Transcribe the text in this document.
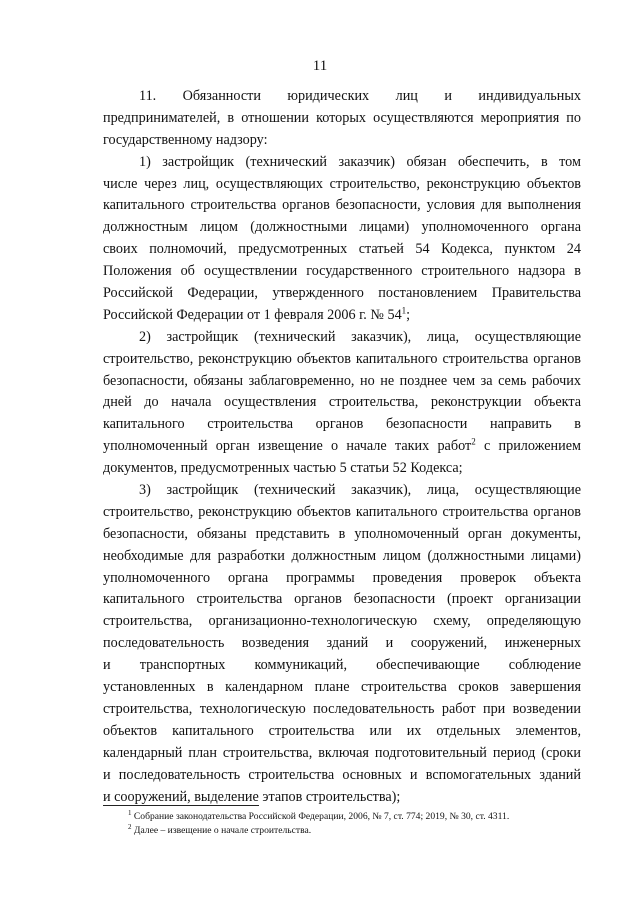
11
11. Обязанности юридических лиц и индивидуальных
предпринимателей, в отношении которых осуществляются мероприятия по
государственному надзору:
1) застройщик (технический заказчик) обязан обеспечить, в том
числе через лиц, осуществляющих строительство, реконструкцию объектов
капитального строительства органов безопасности, условия для выполнения
должностным лицом (должностными лицами) уполномоченного органа
своих полномочий, предусмотренных статьей 54 Кодекса, пунктом 24
Положения об осуществлении государственного строительного надзора в
Российской Федерации, утвержденного постановлением Правительства
Российской Федерации от 1 февраля 2006 г. № $54^1$;
2) застройщик (технический заказчик), лица, осуществляющие
строительство, реконструкцию объектов капитального строительства органов
безопасности, обязаны заблаговременно, но не позднее чем за семь рабочих
дней до начала осуществления строительства, реконструкции объекта
капитального строительства органов безопасности направить в
уполномоченный орган извещение о начале таких работ$^2$ с приложением
документов, предусмотренных частью 5 статьи 52 Кодекса;
3) застройщик (технический заказчик), лица, осуществляющие
строительство, реконструкцию объектов капитального строительства органов
безопасности, обязаны представить в уполномоченный орган документы,
необходимые для разработки должностным лицом (должностными лицами)
уполномоченного органа программы проведения проверок объекта
капитального строительства органов безопасности (проект организации
строительства, организационно-технологическую схему, определяющую
последовательность возведения зданий и сооружений, инженерных
и транспортных коммуникаций, обеспечивающие соблюдение
установленных в календарном плане строительства сроков завершения
строительства, технологическую последовательность работ при возведении
объектов капитального строительства или их отдельных элементов,
календарный план строительства, включая подготовительный период (сроки
и последовательность строительства основных и вспомогательных зданий
и сооружений, выделение этапов строительства);
$^1$ Собрание законодательства Российской Федерации, 2006, № 7, ст. 774; 2019, № 30, ст. 4311.
$^2$ Далее – извещение о начале строительства.
